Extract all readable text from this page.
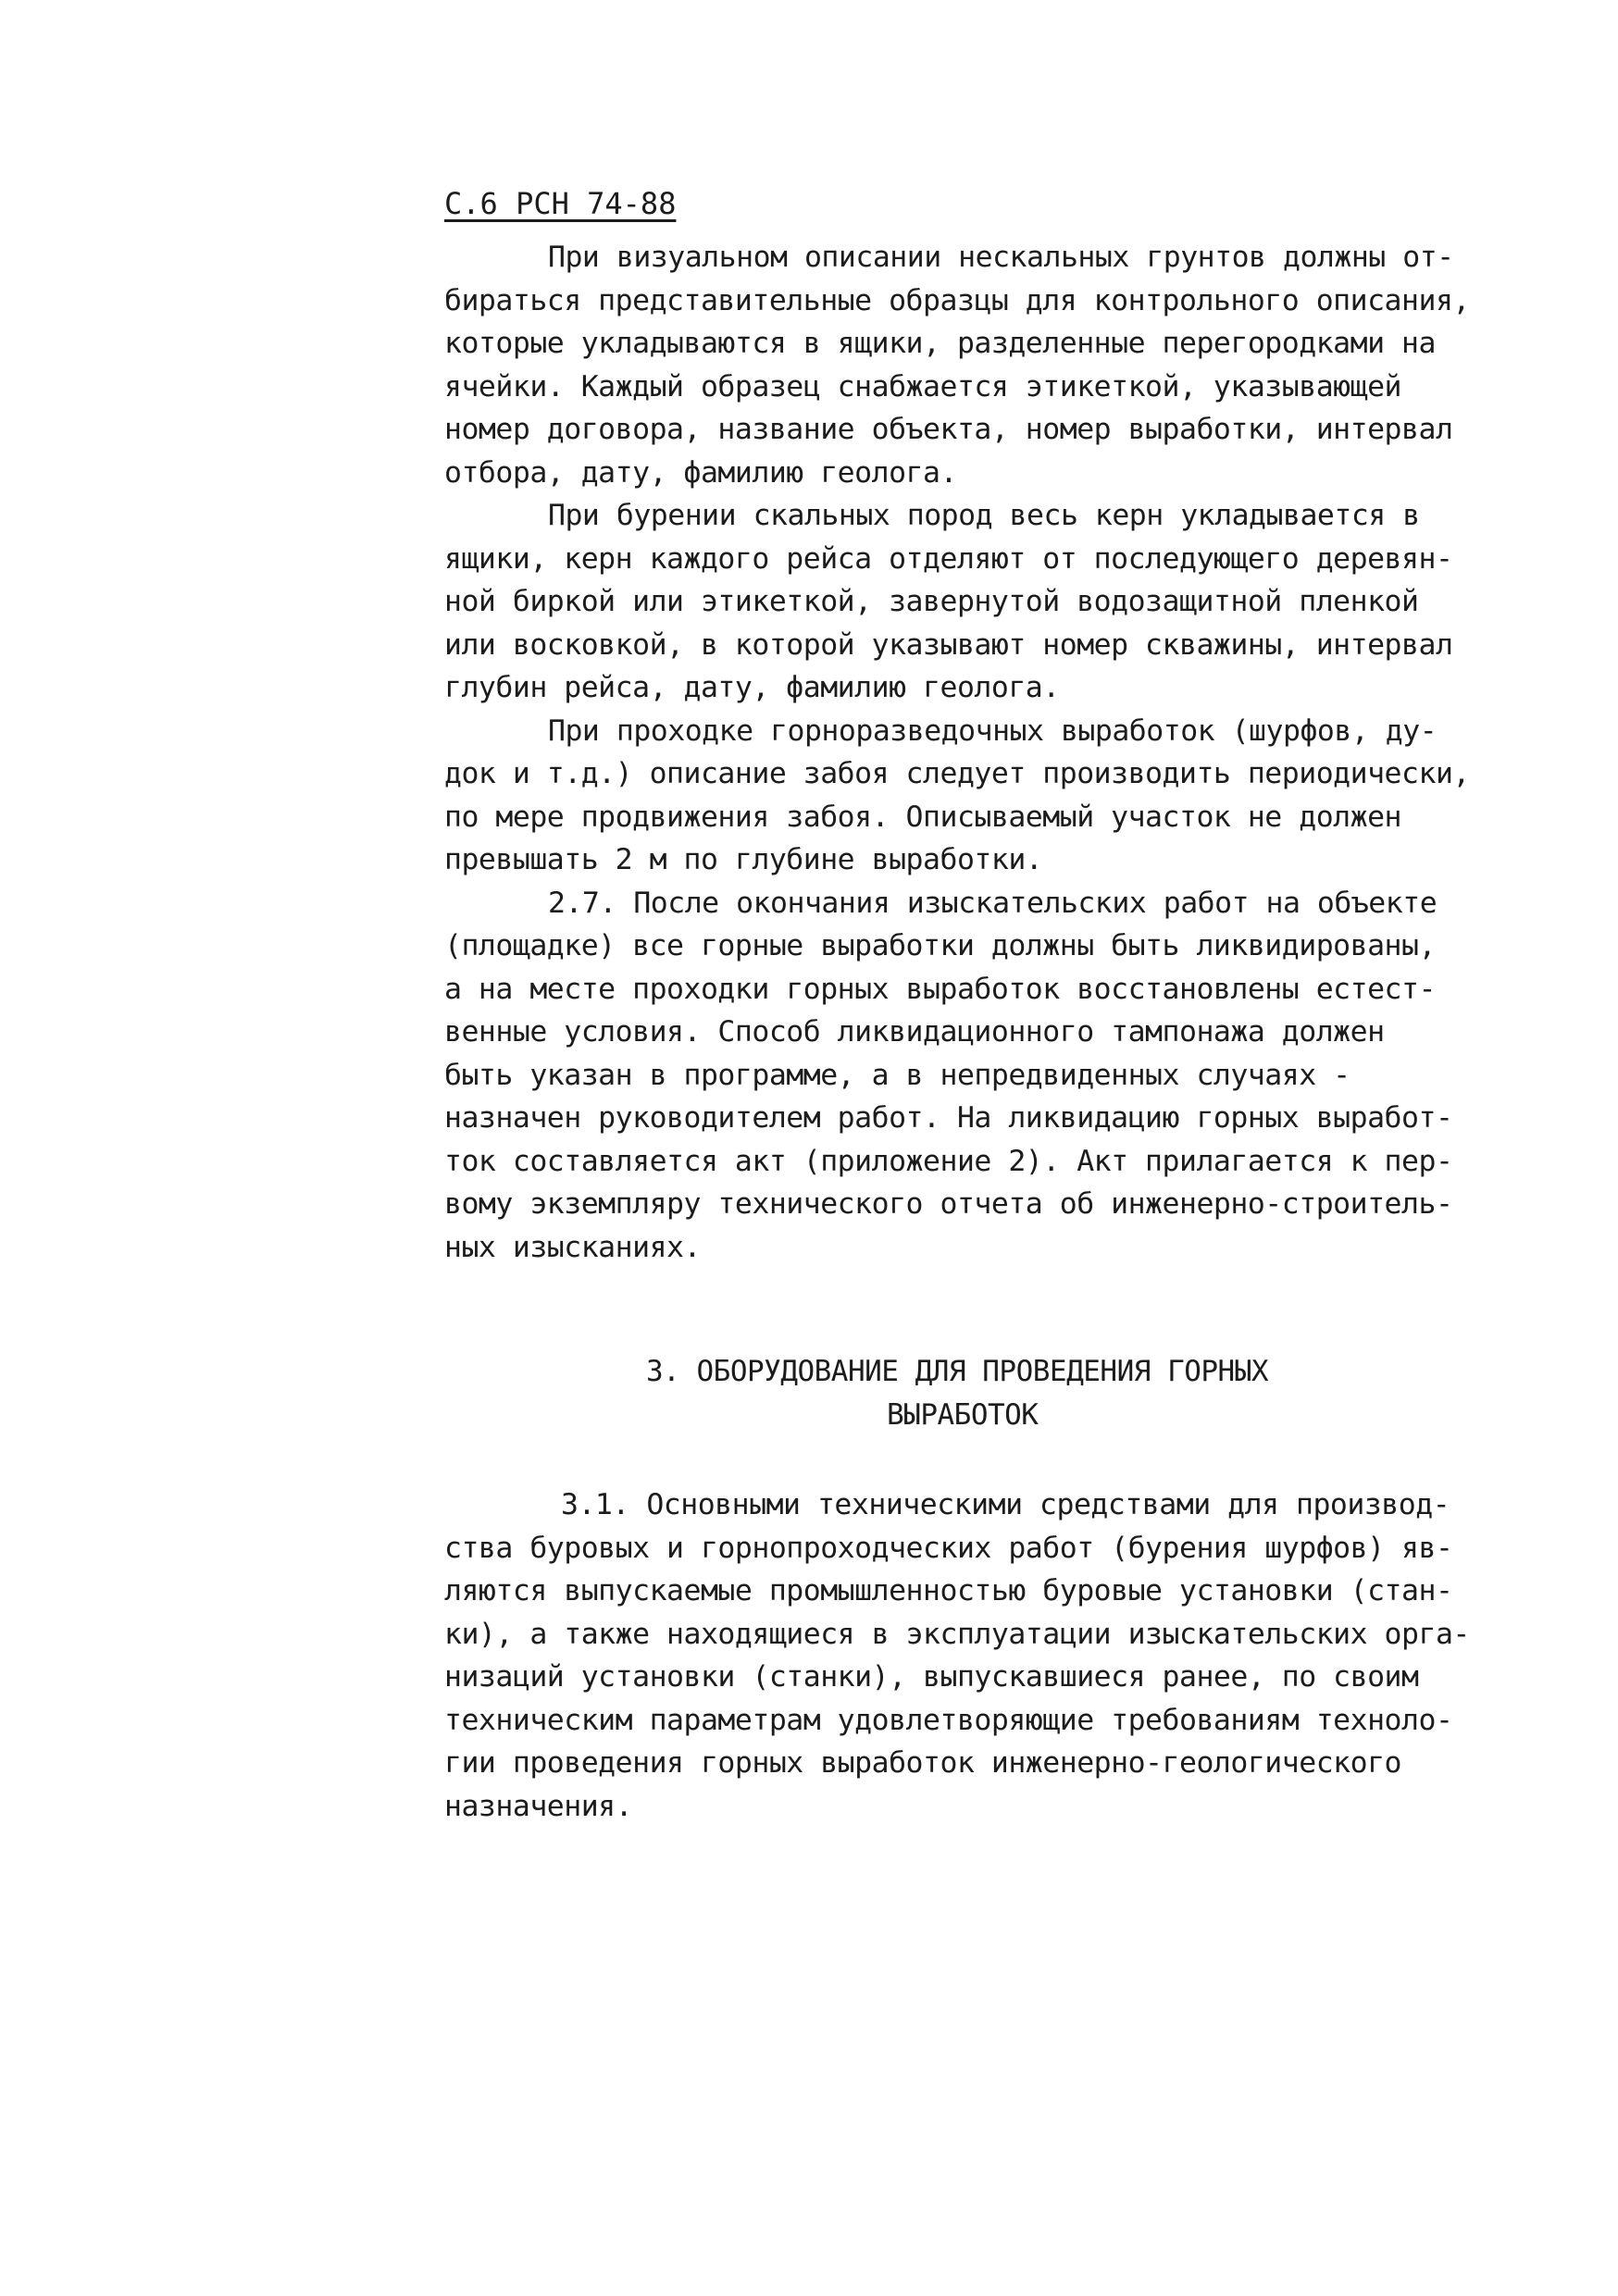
С.6 РСН 74-88
При визуальном описании нескальных грунтов должны от-
бираться представительные образцы для контрольного описания,
которые укладываются в ящики, разделенные перегородками на
ячейки. Каждый образец снабжается этикеткой, указывающей
номер договора, название объекта, номер выработки, интервал
отбора, дату, фамилию геолога.
При бурении скальных пород весь керн укладывается в
ящики, керн каждого рейса отделяют от последующего деревян-
ной биркой или этикеткой, завернутой водозащитной пленкой
или восковкой, в которой указывают номер скважины, интервал
глубин рейса, дату, фамилию геолога.
При проходке горноразведочных выработок (шурфов, ду-
док и т.д.) описание забоя следует производить периодически,
по мере продвижения забоя. Описываемый участок не должен
превышать 2 м по глубине выработки.
2.7. После окончания изыскательских работ на объекте
(площадке) все горные выработки должны быть ликвидированы,
а на месте проходки горных выработок восстановлены естест-
венные условия. Способ ликвидационного тампонажа должен
быть указан в программе, а в непредвиденных случаях -
назначен руководителем работ. На ликвидацию горных выработ-
ток составляется акт (приложение 2). Акт прилагается к пер-
вому экземпляру технического отчета об инженерно-строитель-
ных изысканиях.
3. ОБОРУДОВАНИЕ ДЛЯ ПРОВЕДЕНИЯ ГОРНЫХ
ВЫРАБОТОК
3.1. Основными техническими средствами для производ-
ства буровых и горнопроходческих работ (бурения шурфов) яв-
ляются выпускаемые промышленностью буровые установки (стан-
ки), а также находящиеся в эксплуатации изыскательских орга-
низаций установки (станки), выпускавшиеся ранее, по своим
техническим параметрам удовлетворяющие требованиям техноло-
гии проведения горных выработок инженерно-геологического
назначения.
